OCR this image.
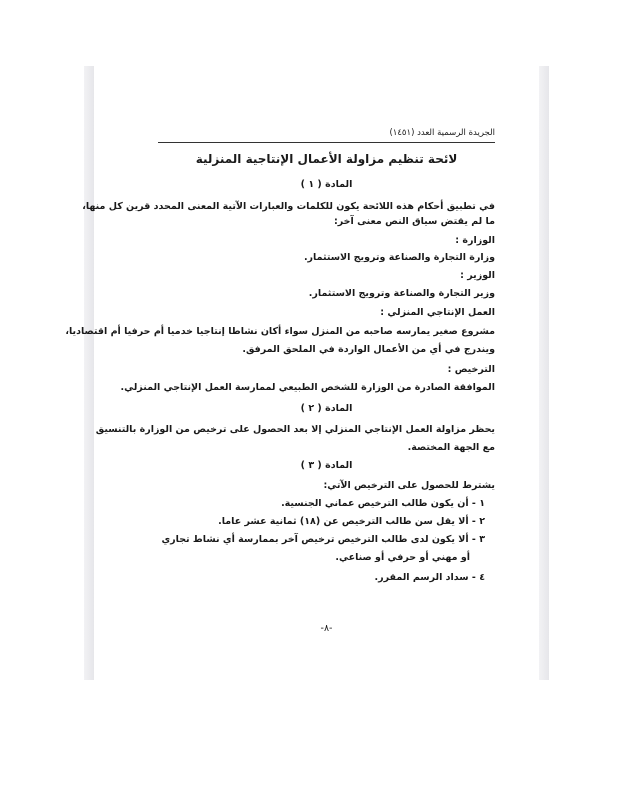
الجريدة الرسمية العدد (١٤٥١)
لائحة تنظيم مزاولة الأعمال الإنتاجية المنزلية
المادة ( ١ )
في تطبيق أحكام هذه اللائحة يكون للكلمات والعبارات الآتية المعنى المحدد قرين كل منها،
ما لم يقتض سياق النص معنى آخر:
الوزارة :
وزارة التجارة والصناعة وترويج الاستثمار.
الوزير :
وزير التجارة والصناعة وترويج الاستثمار.
العمل الإنتاجي المنزلي :
مشروع صغير يمارسه صاحبه من المنزل سواء أكان نشاطا إنتاجيا خدميا أم حرفيا أم اقتصاديا،
ويندرج في أي من الأعمال الواردة في الملحق المرفق.
الترخيص :
الموافقة الصادرة من الوزارة للشخص الطبيعي لممارسة العمل الإنتاجي المنزلي.
المادة ( ٢ )
يحظر مزاولة العمل الإنتاجي المنزلي إلا بعد الحصول على ترخيص من الوزارة بالتنسيق
مع الجهة المختصة.
المادة ( ٣ )
يشترط للحصول على الترخيص الآتي:
١ - أن يكون طالب الترخيص عماني الجنسية.
٢ - ألا يقل سن طالب الترخيص عن (١٨) ثمانية عشر عاما.
٣ - ألا يكون لدى طالب الترخيص ترخيص آخر بممارسة أي نشاط تجاري
أو مهني أو حرفي أو صناعي.
٤ - سداد الرسم المقرر.
-٨-
